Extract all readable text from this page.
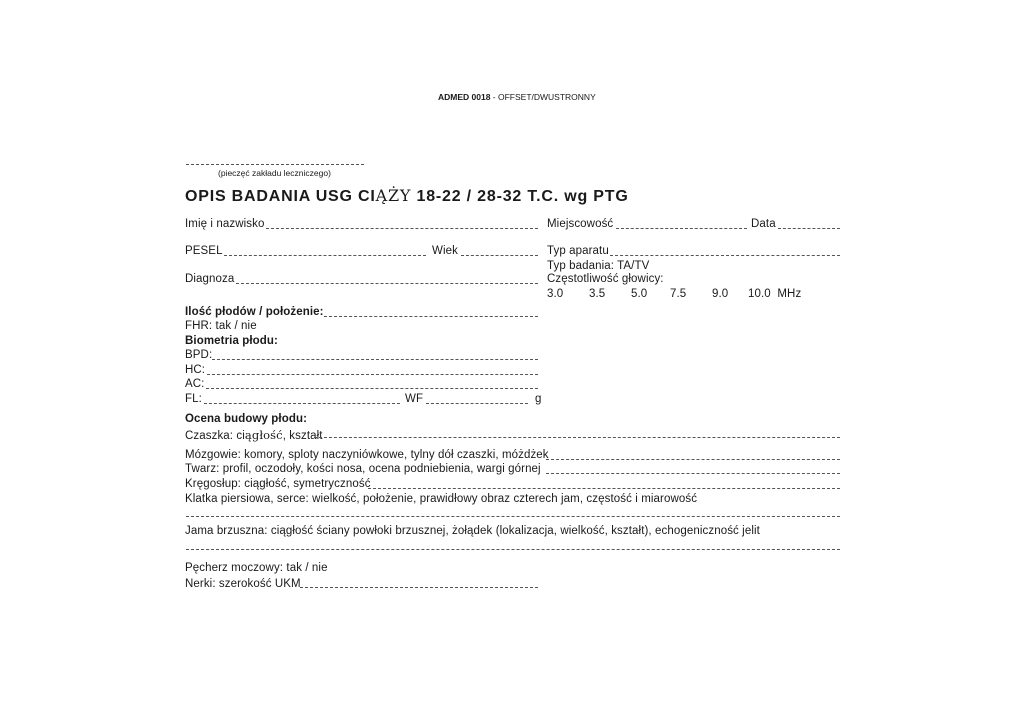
ADMED 0018 - OFFSET/DWUSTRONNY
(pieczęć zakładu leczniczego)
OPIS BADANIA USG CIĄŻY 18-22 / 28-32 T.C. wg PTG
Imię i nazwisko	Miejscowość	Data
PESEL	Wiek	Typ aparatu
Typ badania: TA/TV
Częstotliwość głowicy:
3.0 3.5 5.0 7.5 9.0 10.0  MHz
Diagnoza
Ilość płodów / położenie:
FHR: tak / nie
Biometria płodu:
BPD:
HC:
AC:
FL:	WF	g
Ocena budowy płodu:
Czaszka: ciągłość, kształt
Mózgowie: komory, sploty naczyniówkowe, tylny dół czaszki, móżdżek
Twarz: profil, oczodoły, kości nosa, ocena podniebienia, wargi górnej
Kręgosłup: ciągłość, symetryczność
Klatka piersiowa, serce: wielkość, położenie, prawidłowy obraz czterech jam, częstość i miarowość
Jama brzuszna: ciągłość ściany powłoki brzusznej, żołądek (lokalizacja, wielkość, kształt), echogeniczność jelit
Pęcherz moczowy: tak / nie
Nerki: szerokość UKM
